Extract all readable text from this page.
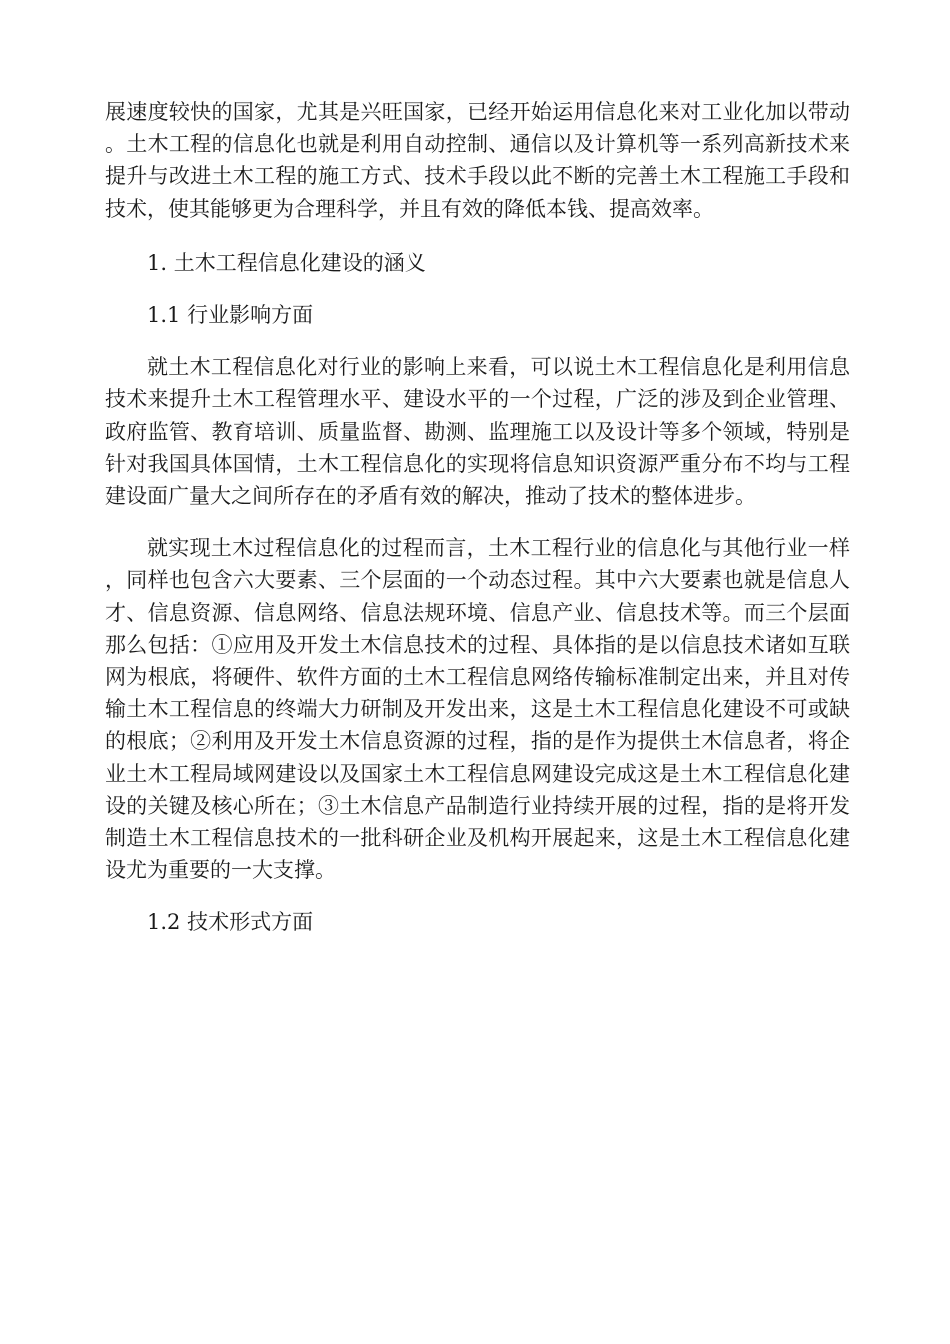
展速度较快的国家，尤其是兴旺国家，已经开始运用信息化来对工业化加以带动。土木工程的信息化也就是利用自动控制、通信以及计算机等一系列高新技术来提升与改进土木工程的施工方式、技术手段以此不断的完善土木工程施工手段和技术，使其能够更为合理科学，并且有效的降低本钱、提高效率。

1. 土木工程信息化建设的涵义

1.1 行业影响方面

就土木工程信息化对行业的影响上来看，可以说土木工程信息化是利用信息技术来提升土木工程管理水平、建设水平的一个过程，广泛的涉及到企业管理、政府监管、教育培训、质量监督、勘测、监理施工以及设计等多个领域，特别是针对我国具体国情，土木工程信息化的实现将信息知识资源严重分布不均与工程建设面广量大之间所存在的矛盾有效的解决，推动了技术的整体进步。

就实现土木过程信息化的过程而言，土木工程行业的信息化与其他行业一样，同样也包含六大要素、三个层面的一个动态过程。其中六大要素也就是信息人才、信息资源、信息网络、信息法规环境、信息产业、信息技术等。而三个层面那么包括：①应用及开发土木信息技术的过程、具体指的是以信息技术诸如互联网为根底，将硬件、软件方面的土木工程信息网络传输标准制定出来，并且对传输土木工程信息的终端大力研制及开发出来，这是土木工程信息化建设不可或缺的根底；②利用及开发土木信息资源的过程，指的是作为提供土木信息者，将企业土木工程局域网建设以及国家土木工程信息网建设完成这是土木工程信息化建设的关键及核心所在；③土木信息产品制造行业持续开展的过程，指的是将开发制造土木工程信息技术的一批科研企业及机构开展起来，这是土木工程信息化建设尤为重要的一大支撑。

1.2 技术形式方面
